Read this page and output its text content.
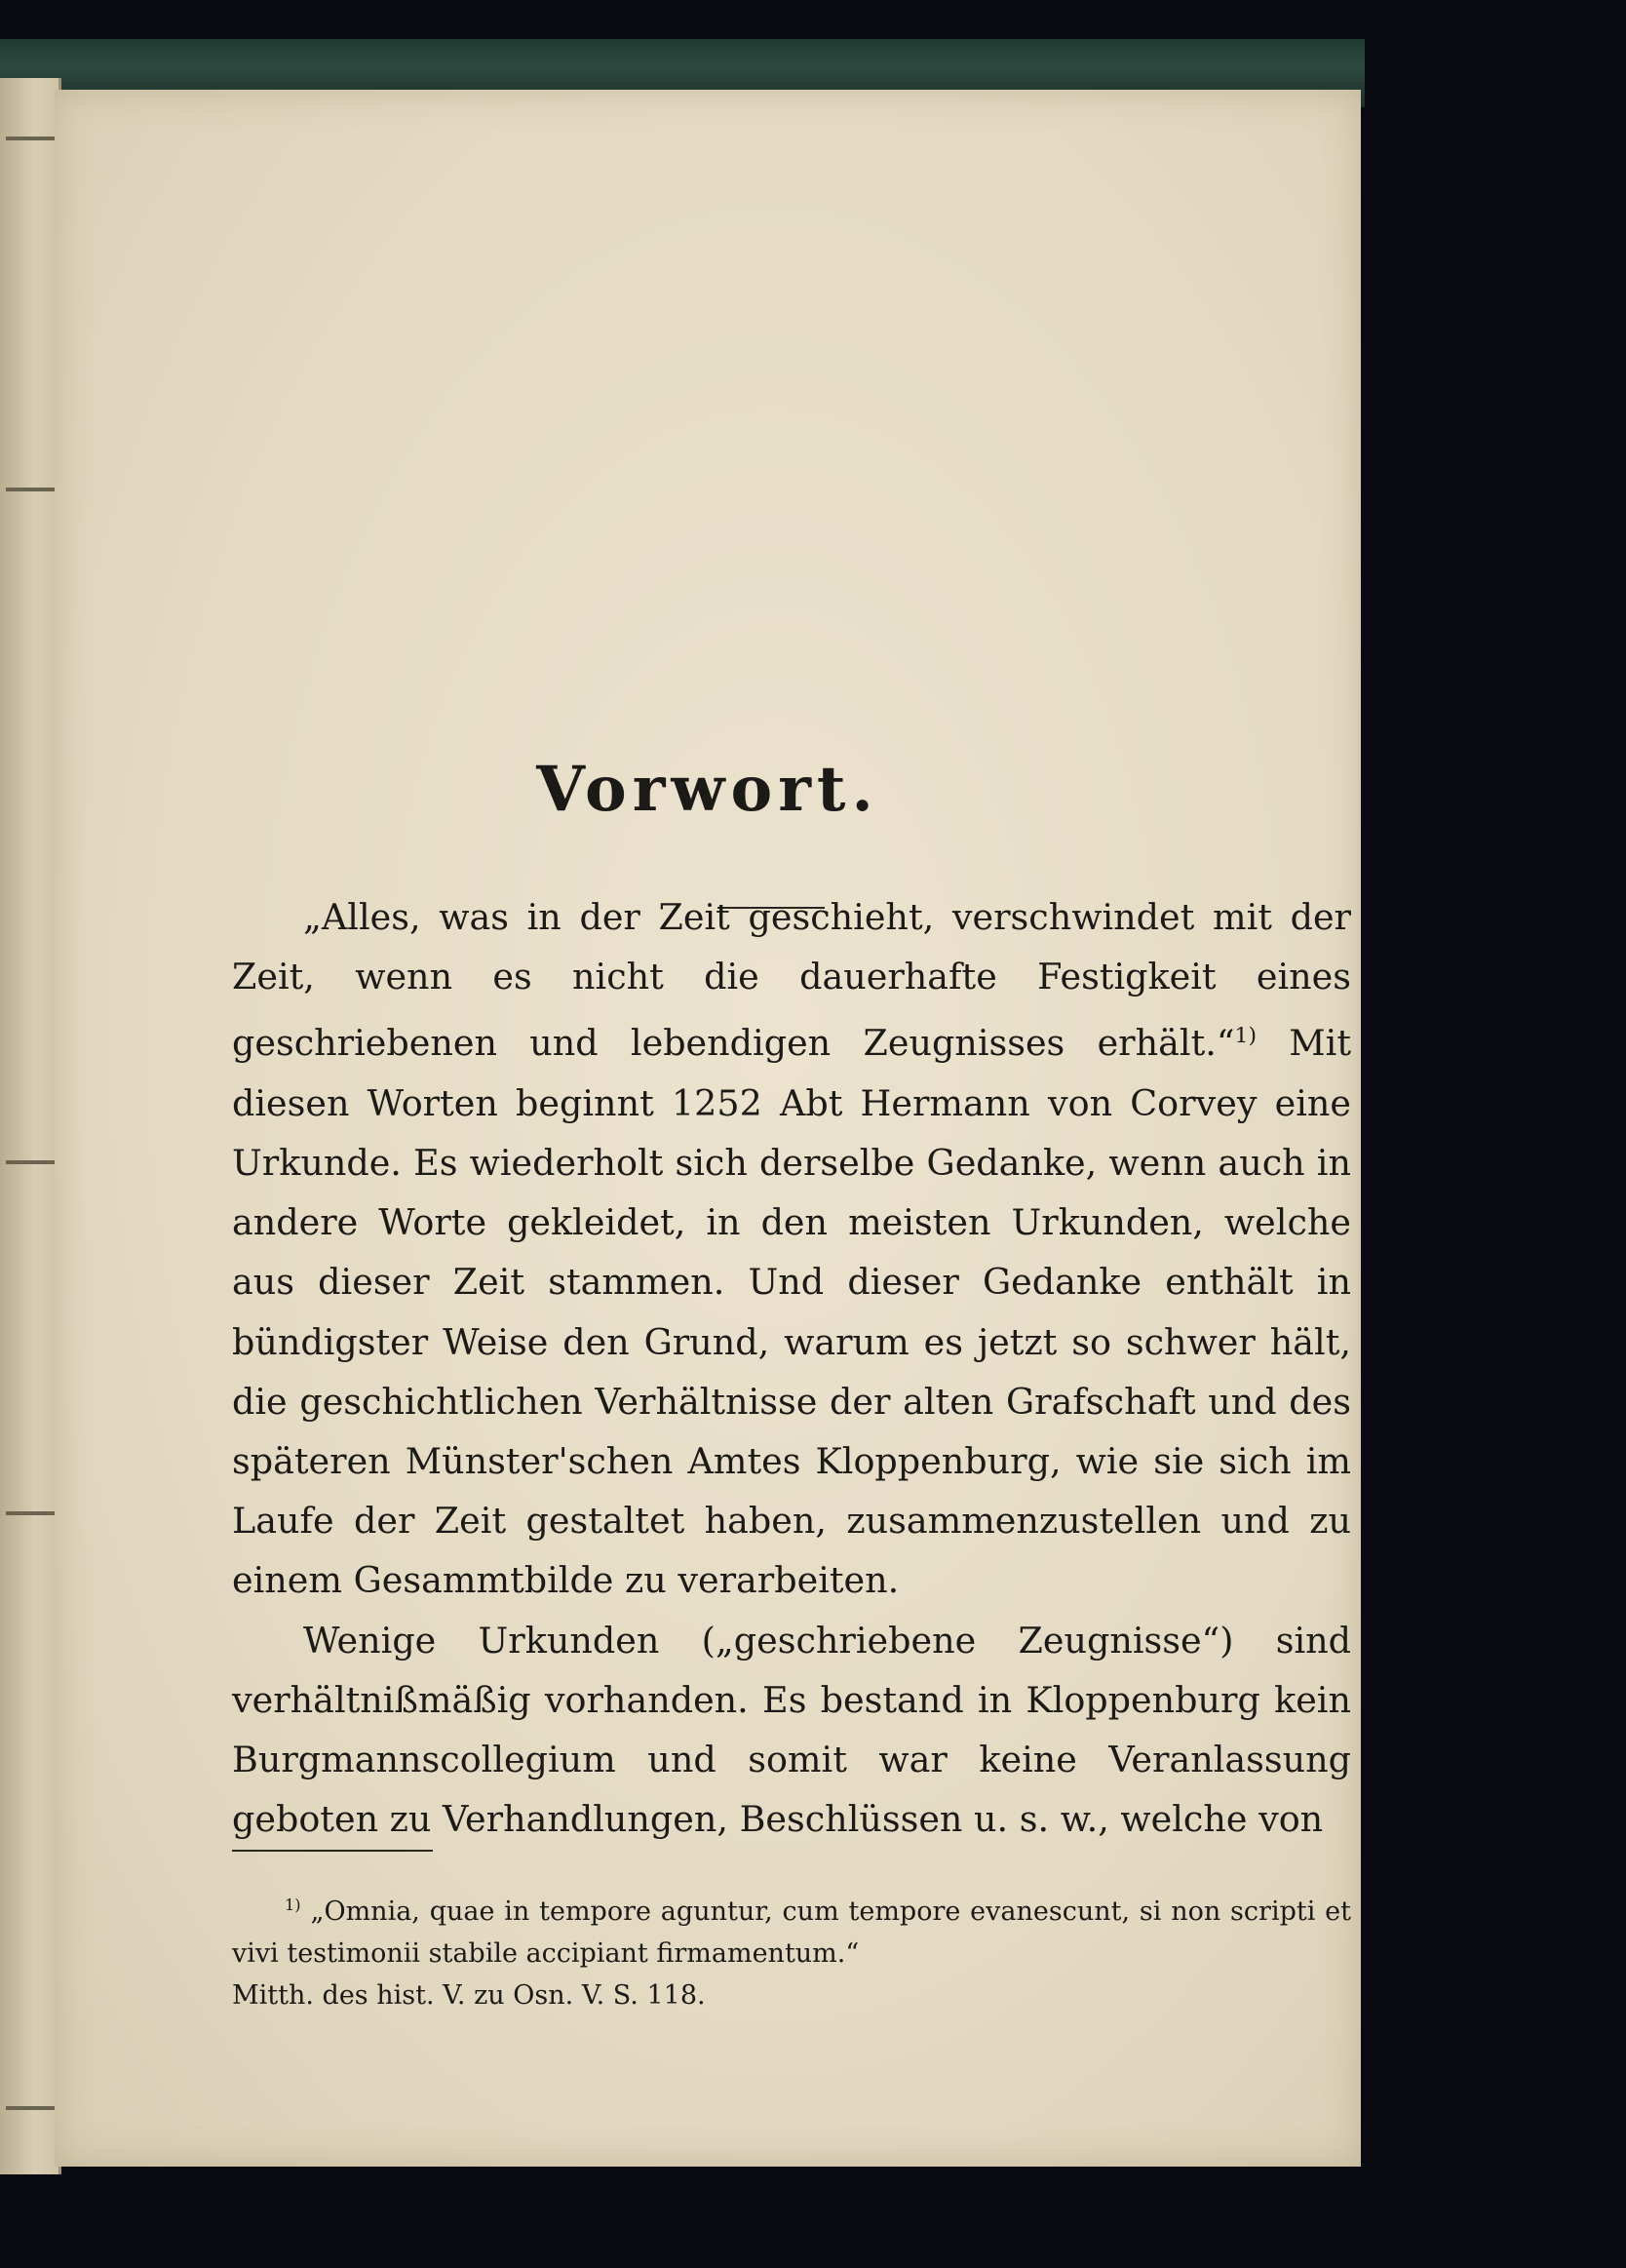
Vorwort.

„Alles, was in der Zeit geschieht, verschwindet mit der Zeit, wenn es nicht die dauerhafte Festigkeit eines geschriebenen und lebendigen Zeugnisses erhält.“$^{1)}$ Mit diesen Worten beginnt 1252 Abt Hermann von Corvey eine Urkunde. Es wiederholt sich derselbe Gedanke, wenn auch in andere Worte gekleidet, in den meisten Urkunden, welche aus dieser Zeit stammen. Und dieser Gedanke enthält in bündigster Weise den Grund, warum es jetzt so schwer hält, die geschichtlichen Verhältnisse der alten Grafschaft und des späteren Münster'schen Amtes Kloppenburg, wie sie sich im Laufe der Zeit gestaltet haben, zusammenzustellen und zu einem Gesammtbilde zu verarbeiten.

Wenige Urkunden („geschriebene Zeugnisse“) sind verhältnißmäßig vorhanden. Es bestand in Kloppenburg kein Burgmannscollegium und somit war keine Veranlassung geboten zu Verhandlungen, Beschlüssen u. s. w., welche von

$^{1)}$ „Omnia, quae in tempore aguntur, cum tempore evanescunt, si non scripti et vivi testimonii stabile accipiant firmamentum.“

Mitth. des hist. V. zu Osn. V. S. 118.
